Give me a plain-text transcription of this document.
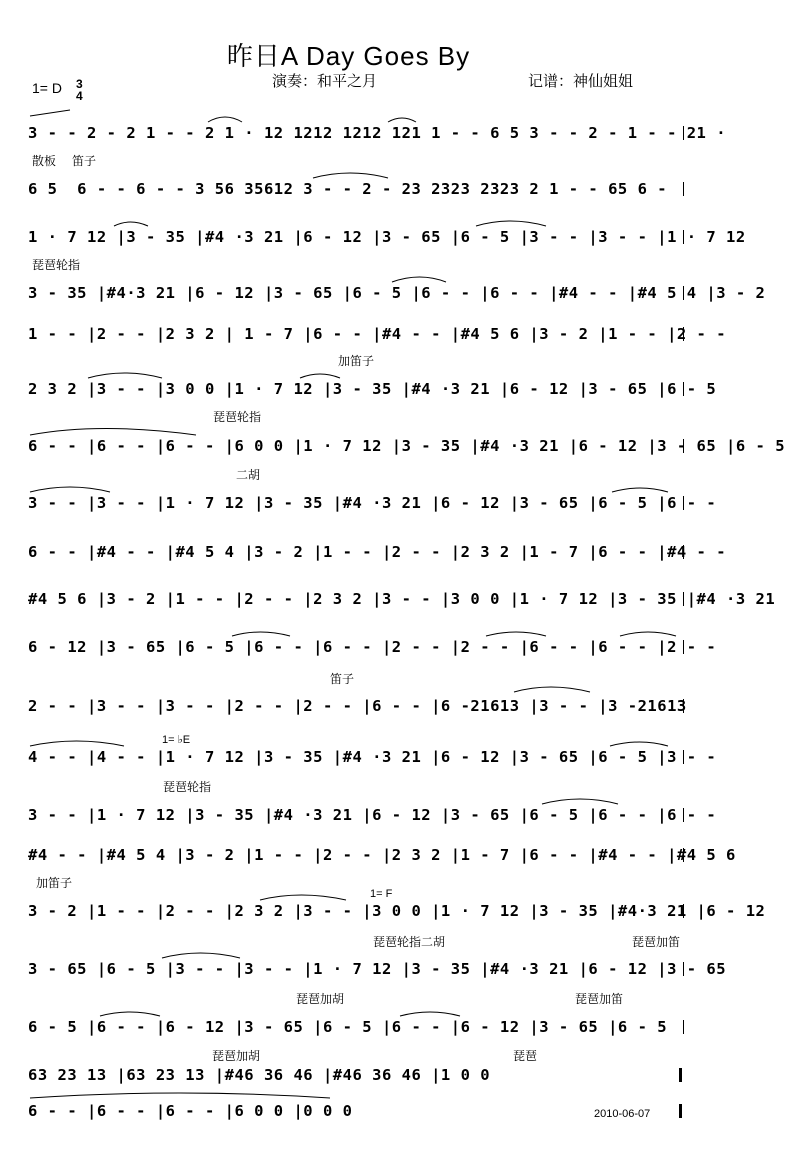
昨日A Day Goes By
演奏：和平之月	记谱：神仙姐姐
1= D 3
4
3 - - 2 - 2 1 - - 2 1 · 12 1212 1212 121 1 - - 6 5 3 - - 2 - 1 - - 21 ·
6 5  6 - - 6 - - 3 56 35612 3 - - 2 - 23 2323 2323 2 1 - - 65 6 -
1 · 7 12 |3 - 35 |#4 ·3 21 |6 - 12 |3 - 65 |6 - 5 |3 - - |3 - - |1 · 7 12
3 - 35 |#4·3 21 |6 - 12 |3 - 65 |6 - 5 |6 - - |6 - - |#4 - - |#4 5 4 |3 - 2
1 - - |2 - - |2 3 2 | 1 - 7 |6 - - |#4 - - |#4 5 6 |3 - 2 |1 - - |2 - -
2 3 2 |3 - - |3 0 0 |1 · 7 12 |3 - 35 |#4 ·3 21 |6 - 12 |3 - 65 |6 - 5
6 - - |6 - - |6 - - |6 0 0 |1 · 7 12 |3 - 35 |#4 ·3 21 |6 - 12 |3 - 65 |6 - 5
3 - - |3 - - |1 · 7 12 |3 - 35 |#4 ·3 21 |6 - 12 |3 - 65 |6 - 5 |6 - -
6 - - |#4 - - |#4 5 4 |3 - 2 |1 - - |2 - - |2 3 2 |1 - 7 |6 - - |#4 - -
#4 5 6 |3 - 2 |1 - - |2 - - |2 3 2 |3 - - |3 0 0 |1 · 7 12 |3 - 35 |#4 ·3 21
6 - 12 |3 - 65 |6 - 5 |6 - - |6 - - |2 - - |2 - - |6 - - |6 - - |2 - -
2 - - |3 - - |3 - - |2 - - |2 - - |6 - - |6 -21613 |3 - - |3 -21613
4 - - |4 - - |1 · 7 12 |3 - 35 |#4 ·3 21 |6 - 12 |3 - 65 |6 - 5 |3 - -
3 - - |1 · 7 12 |3 - 35 |#4 ·3 21 |6 - 12 |3 - 65 |6 - 5 |6 - - |6 - -
#4 - - |#4 5 4 |3 - 2 |1 - - |2 - - |2 3 2 |1 - 7 |6 - - |#4 - - |#4 5 6
3 - 2 |1 - - |2 - - |2 3 2 |3 - - |3 0 0 |1 · 7 12 |3 - 35 |#4·3 21 |6 - 12
3 - 65 |6 - 5 |3 - - |3 - - |1 · 7 12 |3 - 35 |#4 ·3 21 |6 - 12 |3 - 65
6 - 5 |6 - - |6 - 12 |3 - 65 |6 - 5 |6 - - |6 - 12 |3 - 65 |6 - 5
63 23 13 |63 23 13 |#46 36 46 |#46 36 46 |1 0 0
6 - - |6 - - |6 - - |6 0 0 |0 0 0
散板 笛子
琵琶轮指
加笛子
琵琶轮指
二胡
笛子
琵琶轮指
加笛子
琵琶轮指二胡	琵琶加笛
琵琶加胡	琵琶加笛
琵琶加胡	琵琶
1= ♭E
1= F
2010-06-07
